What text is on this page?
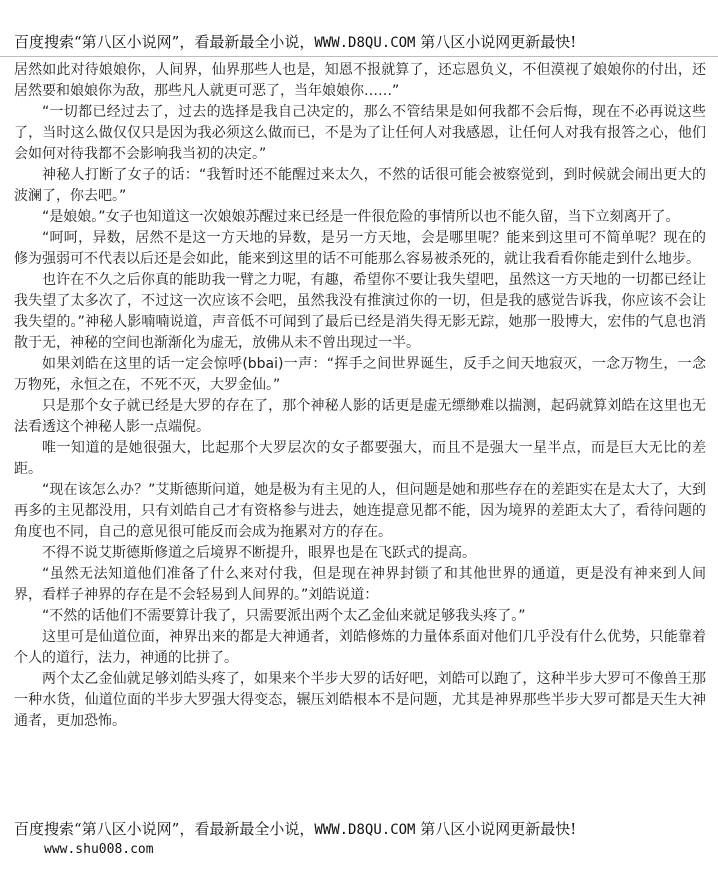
百度搜索“第八区小说网”，看最新最全小说，WWW.D8QU.COM 第八区小说网更新最快!

居然如此对待娘娘你，人间界，仙界那些人也是，知恩不报就算了，还忘恩负义，不但漠视了娘娘你的付出，还居然要和娘娘你为敌，那些凡人就更可恶了，当年娘娘你……”

“一切都已经过去了，过去的选择是我自己决定的，那么不管结果是如何我都不会后悔，现在不必再说这些了，当时这么做仅仅只是因为我必须这么做而已，不是为了让任何人对我感恩，让任何人对我有报答之心，他们会如何对待我都不会影响我当初的决定。”

神秘人打断了女子的话：“我暂时还不能醒过来太久，不然的话很可能会被察觉到，到时候就会闹出更大的波澜了，你去吧。”

“是娘娘。”女子也知道这一次娘娘苏醒过来已经是一件很危险的事情所以也不能久留，当下立刻离开了。

“呵呵，异数，居然不是这一方天地的异数，是另一方天地，会是哪里呢？能来到这里可不简单呢？现在的修为强弱可不代表以后还是会如此，能来到这里的话不可能那么容易被杀死的，就让我看看你能走到什么地步。

也许在不久之后你真的能助我一臂之力呢，有趣，希望你不要让我失望吧，虽然这一方天地的一切都已经让我失望了太多次了，不过这一次应该不会吧，虽然我没有推演过你的一切，但是我的感觉告诉我，你应该不会让我失望的。”神秘人影喃喃说道，声音低不可闻到了最后已经是消失得无影无踪，她那一股博大，宏伟的气息也消散于无，神秘的空间也渐渐化为虚无，放佛从未不曾出现过一半。

如果刘皓在这里的话一定会惊呼(bbai)一声：“挥手之间世界诞生，反手之间天地寂灭，一念万物生，一念万物死，永恒之在，不死不灭，大罗金仙。”

只是那个女子就已经是大罗的存在了，那个神秘人影的话更是虚无缥缈难以揣测，起码就算刘皓在这里也无法看透这个神秘人影一点端倪。

唯一知道的是她很强大，比起那个大罗层次的女子都要强大，而且不是强大一星半点，而是巨大无比的差距。

“现在该怎么办？”艾斯德斯问道，她是极为有主见的人，但问题是她和那些存在的差距实在是太大了，大到再多的主见都没用，只有刘皓自己才有资格参与进去，她连提意见都不能，因为境界的差距太大了，看待问题的角度也不同，自己的意见很可能反而会成为拖累对方的存在。

不得不说艾斯德斯修道之后境界不断提升，眼界也是在飞跃式的提高。

“虽然无法知道他们准备了什么来对付我，但是现在神界封锁了和其他世界的通道，更是没有神来到人间界，看样子神界的存在是不会轻易到人间界的。”刘皓说道：

“不然的话他们不需要算计我了，只需要派出两个太乙金仙来就足够我头疼了。”

这里可是仙道位面，神界出来的都是大神通者，刘皓修炼的力量体系面对他们几乎没有什么优势，只能靠着个人的道行，法力，神通的比拼了。

两个太乙金仙就足够刘皓头疼了，如果来个半步大罗的话好吧，刘皓可以跑了，这种半步大罗可不像兽王那一种水货，仙道位面的半步大罗强大得变态，辗压刘皓根本不是问题，尤其是神界那些半步大罗可都是天生大神通者，更加恐怖。

百度搜索“第八区小说网”，看最新最全小说，WWW.D8QU.COM 第八区小说网更新最快!
www.shu008.com
